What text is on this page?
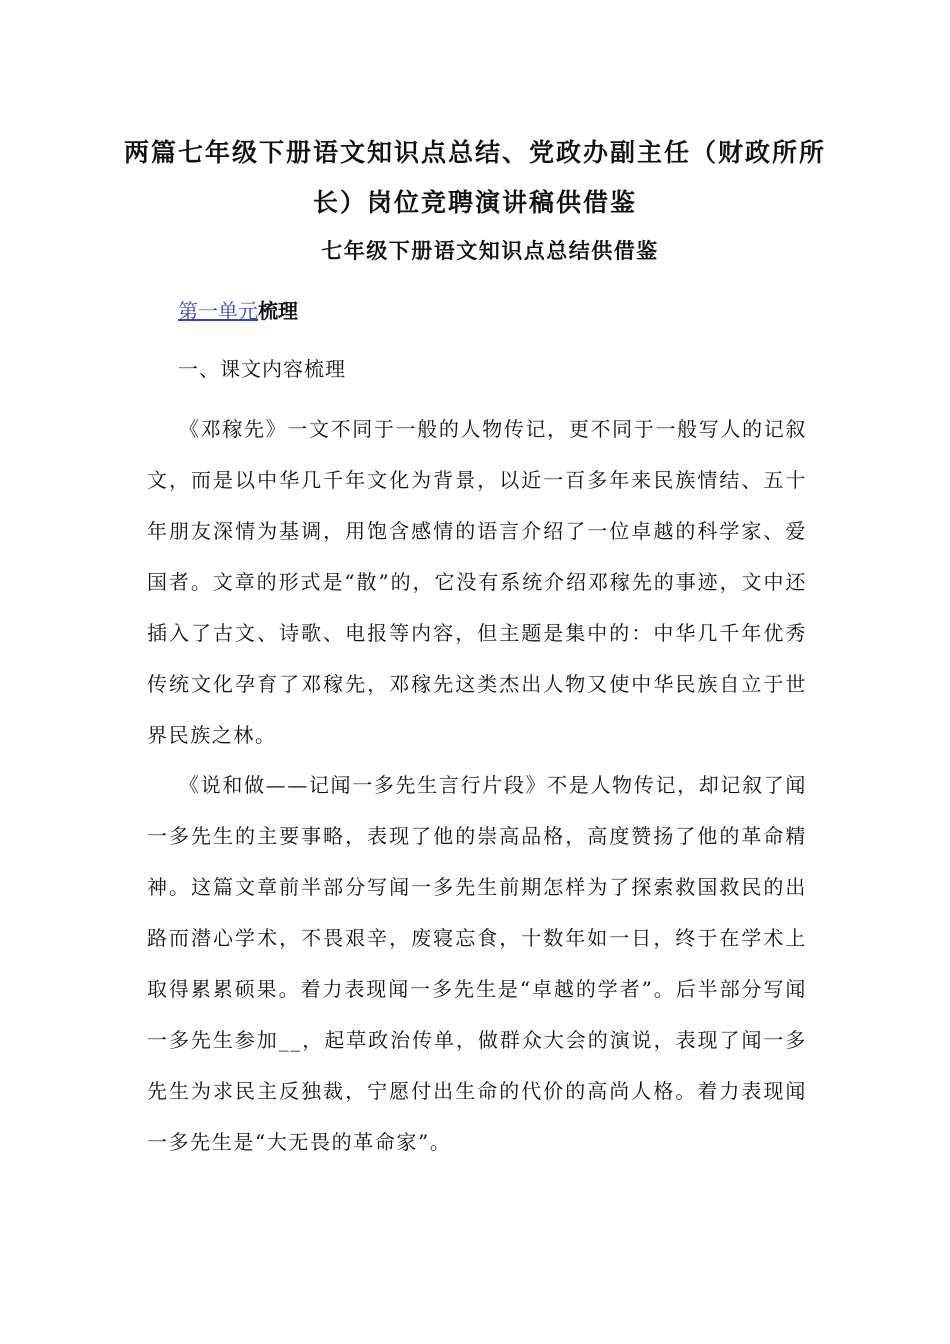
两篇七年级下册语文知识点总结、党政办副主任（财政所所长）岗位竞聘演讲稿供借鉴
七年级下册语文知识点总结供借鉴

第一单元梳理

一、课文内容梳理

《邓稼先》一文不同于一般的人物传记，更不同于一般写人的记叙文，而是以中华几千年文化为背景，以近一百多年来民族情结、五十年朋友深情为基调，用饱含感情的语言介绍了一位卓越的科学家、爱国者。文章的形式是“散”的，它没有系统介绍邓稼先的事迹，文中还插入了古文、诗歌、电报等内容，但主题是集中的：中华几千年优秀传统文化孕育了邓稼先，邓稼先这类杰出人物又使中华民族自立于世界民族之林。

《说和做——记闻一多先生言行片段》不是人物传记，却记叙了闻一多先生的主要事略，表现了他的崇高品格，高度赞扬了他的革命精神。这篇文章前半部分写闻一多先生前期怎样为了探索救国救民的出路而潜心学术，不畏艰辛，废寝忘食，十数年如一日，终于在学术上取得累累硕果。着力表现闻一多先生是“卓越的学者”。后半部分写闻一多先生参加__，起草政治传单，做群众大会的演说，表现了闻一多先生为求民主反独裁，宁愿付出生命的代价的高尚人格。着力表现闻一多先生是“大无畏的革命家”。
